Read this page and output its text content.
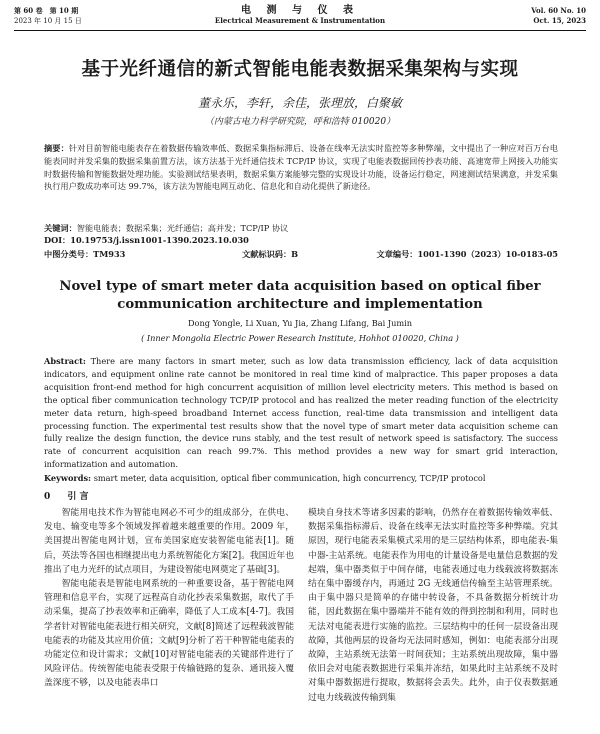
第 60 卷　第 10 期
2023 年 10 月 15 日
电 测 与 仪 表
Electrical Measurement & Instrumentation
Vol. 60 No. 10
Oct. 15, 2023
基于光纤通信的新式智能电能表数据采集架构与实现
董永乐，李轩，余佳，张理放，白聚敏
（内蒙古电力科学研究院，呼和浩特 010020）
摘要：针对目前智能电能表存在着数据传输效率低、数据采集指标滞后、设备在线率无法实时监控等多种弊端，文中提出了一种应对百万台电能表同时并发采集的数据采集前置方法，该方法基于光纤通信技术 TCP/IP 协议，实现了电能表数据回传抄表功能、高速宽带上网接入功能实时数据传输和智能数据处理功能。实验测试结果表明，数据采集方案能够完整的实现设计功能，设备运行稳定，网速测试结果满意，并发采集执行用户数成功率可达 99.7%，该方法为智能电网互动化、信息化和自动化提供了新途径。
关键词：智能电能表；数据采集；光纤通信；高并发；TCP/IP 协议
DOI：10.19753/j.issn1001-1390.2023.10.030
中图分类号：TM933	文献标识码：B	文章编号：1001-1390（2023）10-0183-05
Novel type of smart meter data acquisition based on optical fiber communication architecture and implementation
Dong Yongle, Li Xuan, Yu Jia, Zhang Lifang, Bai Jumin
( Inner Mongolia Electric Power Research Institute, Hohhot 010020, China )
Abstract: There are many factors in smart meter, such as low data transmission efficiency, lack of data acquisition indicators, and equipment online rate cannot be monitored in real time kind of malpractice. This paper proposes a data acquisition front-end method for high concurrent acquisition of million level electricity meters. This method is based on the optical fiber communication technology TCP/IP protocol and has realized the meter reading function of the electricity meter data return, high-speed broadband Internet access function, real-time data transmission and intelligent data processing function. The experimental test results show that the novel type of smart meter data acquisition scheme can fully realize the design function, the device runs stably, and the test result of network speed is satisfactory. The success rate of concurrent acquisition can reach 99.7%. This method provides a new way for smart grid interaction, informatization and automation.
Keywords: smart meter, data acquisition, optical fiber communication, high concurrency, TCP/IP protocol
0 引 言

智能用电技术作为智能电网必不可少的组成部分，在供电、发电、输变电等多个领域发挥着越来越重要的作用。2009 年，美国提出智能电网计划，宣布美国家庭安装智能电能表[1]。随后，英法等各国也相继提出电力系统智能化方案[2]。我国近年也推出了电力光纤的试点项目，为建设智能电网奠定了基础[3]。

智能电能表是智能电网系统的一种重要设备，基于智能电网管理和信息平台，实现了远程高自动化抄表采集数据，取代了手动采集，提高了抄表效率和正确率，降低了人工成本[4-7]。我国学者针对智能电能表进行相关研究，文献[8]简述了远程载波智能电能表的功能及其应用价值；文献[9]分析了若干种智能电能表的功能定位和设计需求；文献[10]对智能电能表的关键部件进行了风险评估。传统智能电能表受限于传输链路的复杂、通讯接入覆盖深度不够，以及电能表串口

模块自身技术等诸多因素的影响，仍然存在着数据传输效率低、数据采集指标滞后、设备在线率无法实时监控等多种弊端。究其原因，现行电能表采集模式采用的是三层结构体系，即电能表-集中器-主站系统。电能表作为用电的计量设备是电量信息数据的发起端，集中器类似于中间存储，电能表通过电力线载波将数据冻结在集中器缓存内，再通过 2G 无线通信传输至主站管理系统。由于集中器只是简单的存储中转设备，不具备数据分析统计功能，因此数据在集中器端并不能有效的得到控制和利用，同时也无法对电能表进行实施的监控。三层结构中的任何一层设备出现故障，其他两层的设备均无法同时感知，例如：电能表部分出现故障，主站系统无法第一时间获知；主站系统出现故障，集中器依旧会对电能表数据进行采集并冻结，如果此时主站系统不及时对集中器数据进行提取，数据将会丢失。此外，由于仪表数据通过电力线载波传输到集
